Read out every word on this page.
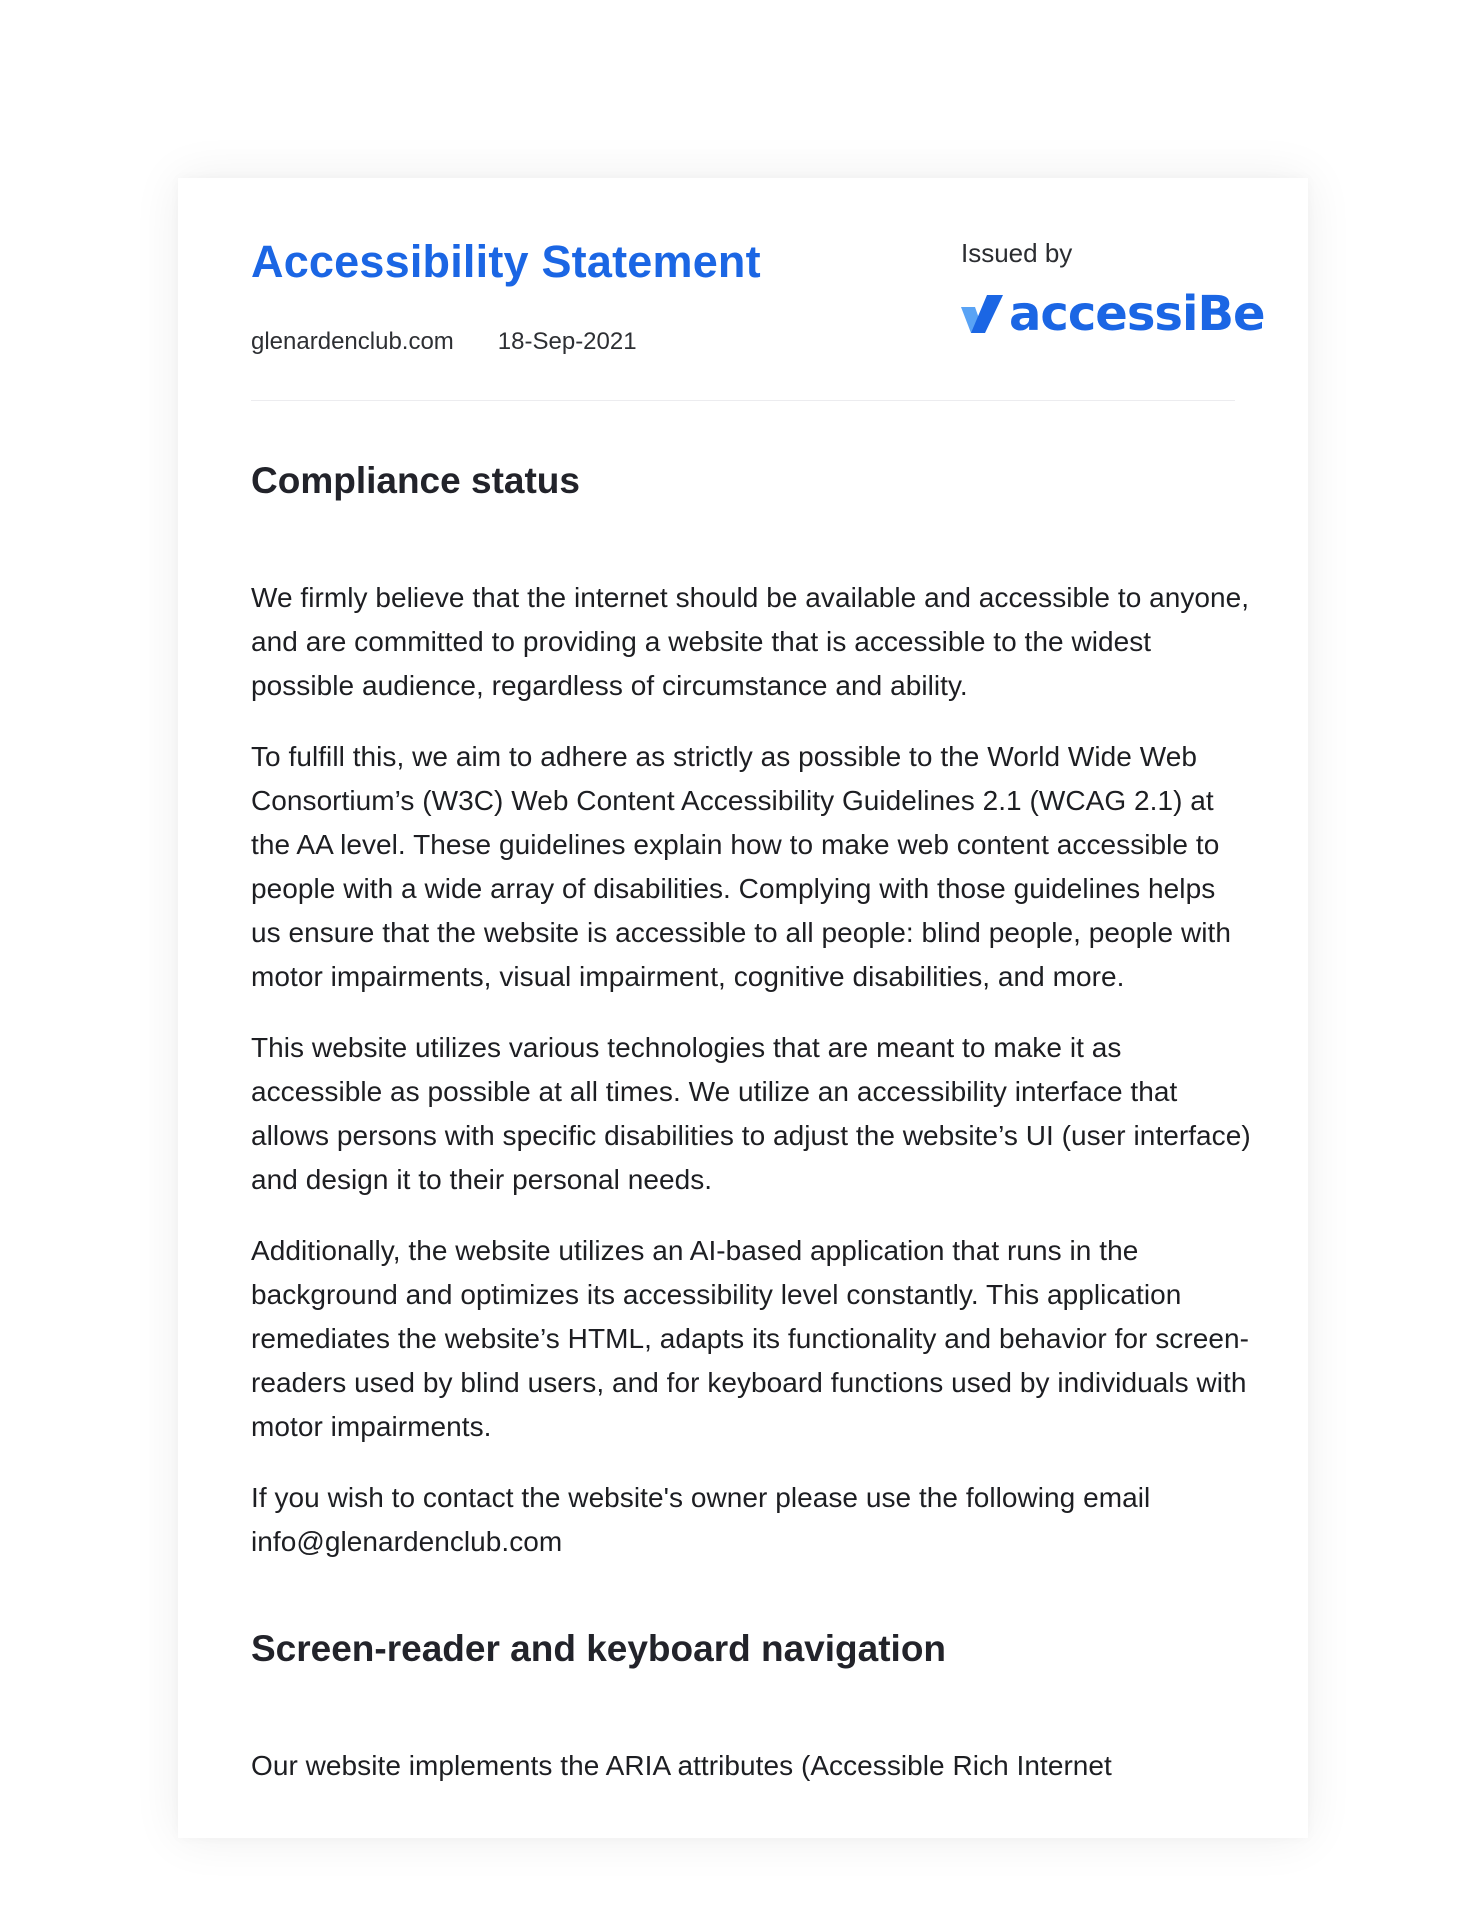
Accessibility Statement
glenardenclub.com 18-Sep-2021
Issued by
accessiBe
Compliance status

We firmly believe that the internet should be available and accessible to anyone, and are committed to providing a website that is accessible to the widest possible audience, regardless of circumstance and ability.

To fulfill this, we aim to adhere as strictly as possible to the World Wide Web Consortium’s (W3C) Web Content Accessibility Guidelines 2.1 (WCAG 2.1) at the AA level. These guidelines explain how to make web content accessible to people with a wide array of disabilities. Complying with those guidelines helps us ensure that the website is accessible to all people: blind people, people with motor impairments, visual impairment, cognitive disabilities, and more.

This website utilizes various technologies that are meant to make it as accessible as possible at all times. We utilize an accessibility interface that allows persons with specific disabilities to adjust the website’s UI (user interface) and design it to their personal needs.

Additionally, the website utilizes an AI-based application that runs in the background and optimizes its accessibility level constantly. This application remediates the website’s HTML, adapts its functionality and behavior for screen-readers used by blind users, and for keyboard functions used by individuals with motor impairments.

If you wish to contact the website's owner please use the following email info@glenardenclub.com

Screen-reader and keyboard navigation

Our website implements the ARIA attributes (Accessible Rich Internet
